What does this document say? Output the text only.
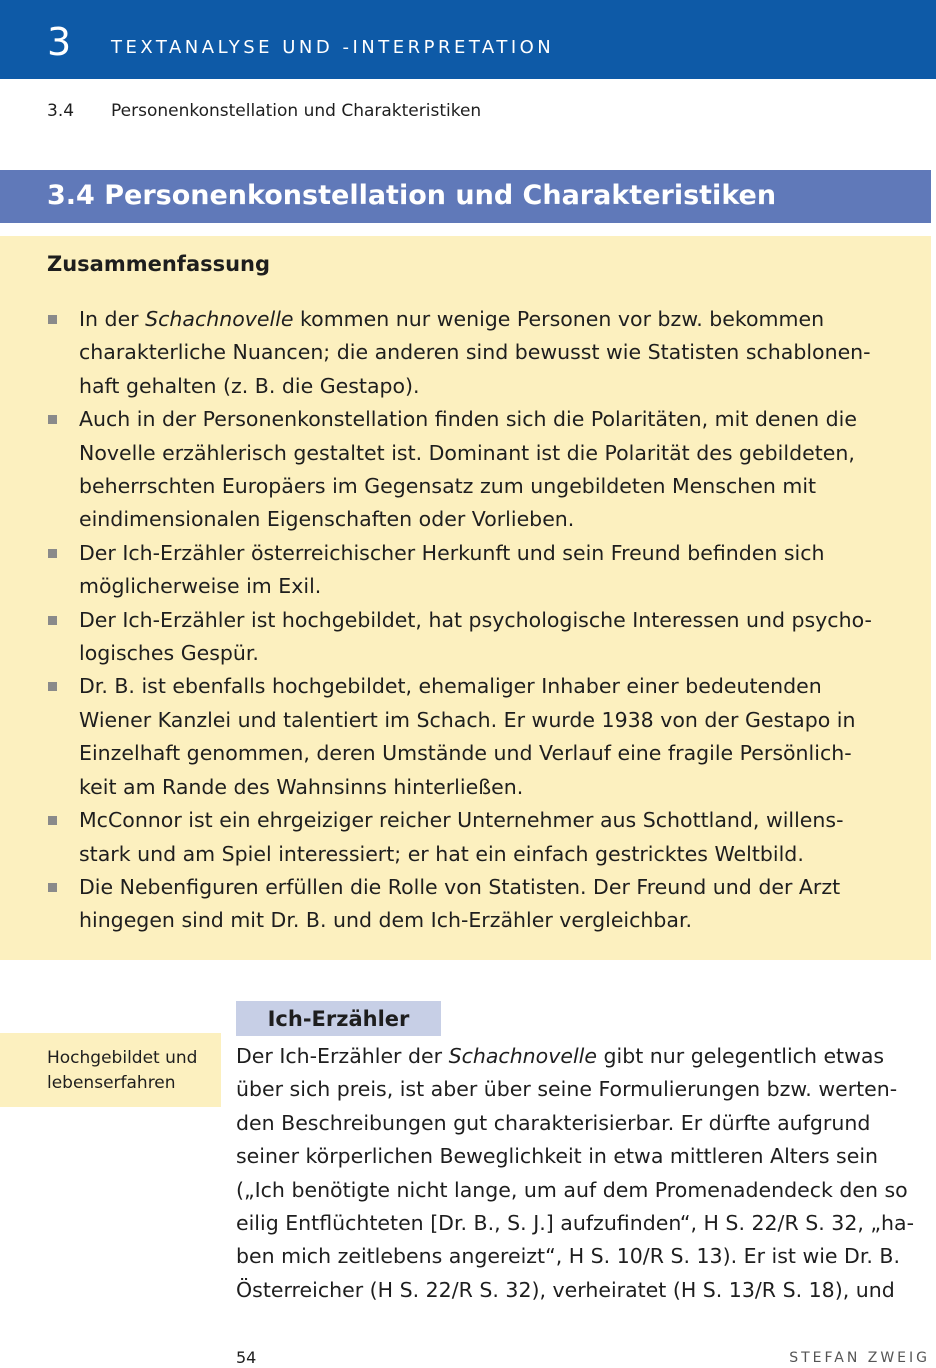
3 TEXTANALYSE UND -INTERPRETATION
3.4 Personenkonstellation und Charakteristiken
3.4 Personenkonstellation und Charakteristiken
Zusammenfassung
In der Schachnovelle kommen nur wenige Personen vor bzw. bekommen
charakterliche Nuancen; die anderen sind bewusst wie Statisten schablonen-
haft gehalten (z. B. die Gestapo).
Auch in der Personenkonstellation finden sich die Polaritäten, mit denen die
Novelle erzählerisch gestaltet ist. Dominant ist die Polarität des gebildeten,
beherrschten Europäers im Gegensatz zum ungebildeten Menschen mit
eindimensionalen Eigenschaften oder Vorlieben.
Der Ich-Erzähler österreichischer Herkunft und sein Freund befinden sich
möglicherweise im Exil.
Der Ich-Erzähler ist hochgebildet, hat psychologische Interessen und psycho-
logisches Gespür.
Dr. B. ist ebenfalls hochgebildet, ehemaliger Inhaber einer bedeutenden
Wiener Kanzlei und talentiert im Schach. Er wurde 1938 von der Gestapo in
Einzelhaft genommen, deren Umstände und Verlauf eine fragile Persönlich-
keit am Rande des Wahnsinns hinterließen.
McConnor ist ein ehrgeiziger reicher Unternehmer aus Schottland, willens-
stark und am Spiel interessiert; er hat ein einfach gestricktes Weltbild.
Die Nebenfiguren erfüllen die Rolle von Statisten. Der Freund und der Arzt
hingegen sind mit Dr. B. und dem Ich-Erzähler vergleichbar.
Ich-Erzähler
Hochgebildet und
lebenserfahren

Der Ich-Erzähler der Schachnovelle gibt nur gelegentlich etwas
über sich preis, ist aber über seine Formulierungen bzw. werten-
den Beschreibungen gut charakterisierbar. Er dürfte aufgrund
seiner körperlichen Beweglichkeit in etwa mittleren Alters sein
(„Ich benötigte nicht lange, um auf dem Promenadendeck den so
eilig Entflüchteten [Dr. B., S. J.] aufzufinden“, H S. 22/R S. 32, „ha-
ben mich zeitlebens angereizt“, H S. 10/R S. 13). Er ist wie Dr. B.
Österreicher (H S. 22/R S. 32), verheiratet (H S. 13/R S. 18), und

54	STEFAN ZWEIG
